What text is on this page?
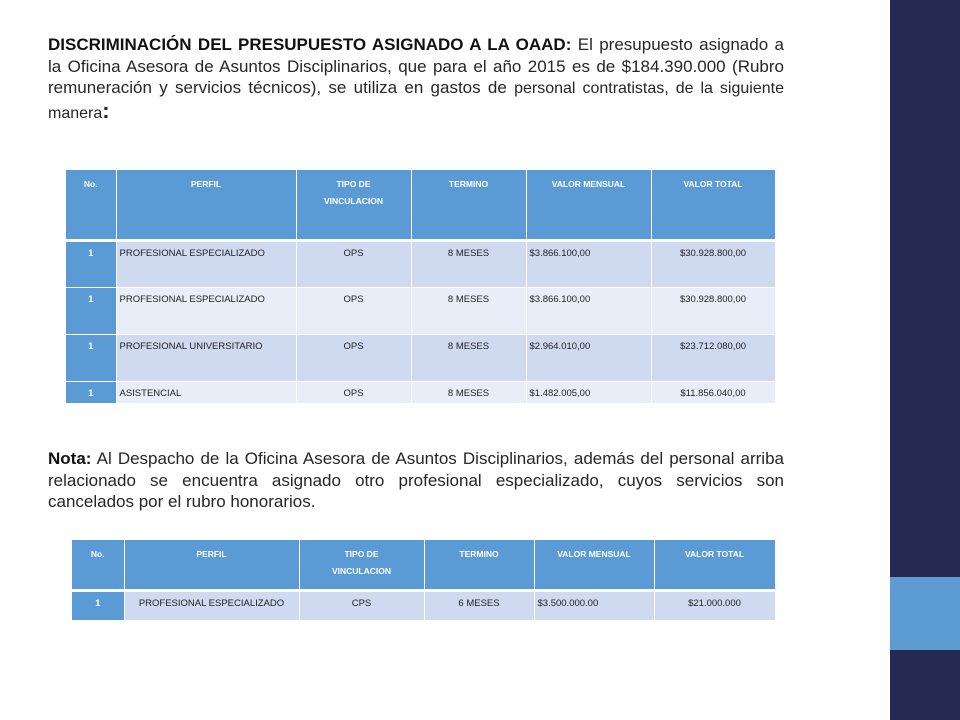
DISCRIMINACIÓN DEL PRESUPUESTO ASIGNADO A LA OAAD: El presupuesto asignado a la Oficina Asesora de Asuntos Disciplinarios, que para el año 2015 es de $184.390.000 (Rubro remuneración y servicios técnicos), se utiliza en gastos de personal contratistas, de la siguiente manera:

No.	PERFIL	TIPO DE VINCULACION	TERMINO	VALOR MENSUAL	VALOR TOTAL
1	PROFESIONAL ESPECIALIZADO	OPS	8 MESES	$3.866.100,00	$30.928.800,00
1	PROFESIONAL ESPECIALIZADO	OPS	8 MESES	$3.866.100,00	$30.928.800,00
1	PROFESIONAL UNIVERSITARIO	OPS	8 MESES	$2.964.010,00	$23.712.080,00
1	ASISTENCIAL	OPS	8 MESES	$1.482.005,00	$11.856.040,00

Nota: Al Despacho de la Oficina Asesora de Asuntos Disciplinarios, además del personal arriba relacionado se encuentra asignado otro profesional especializado, cuyos servicios son cancelados por el rubro honorarios.

No.	PERFIL	TIPO DE VINCULACION	TERMINO	VALOR MENSUAL	VALOR TOTAL
1	PROFESIONAL ESPECIALIZADO	CPS	6 MESES	$3.500.000.00	$21.000.000
